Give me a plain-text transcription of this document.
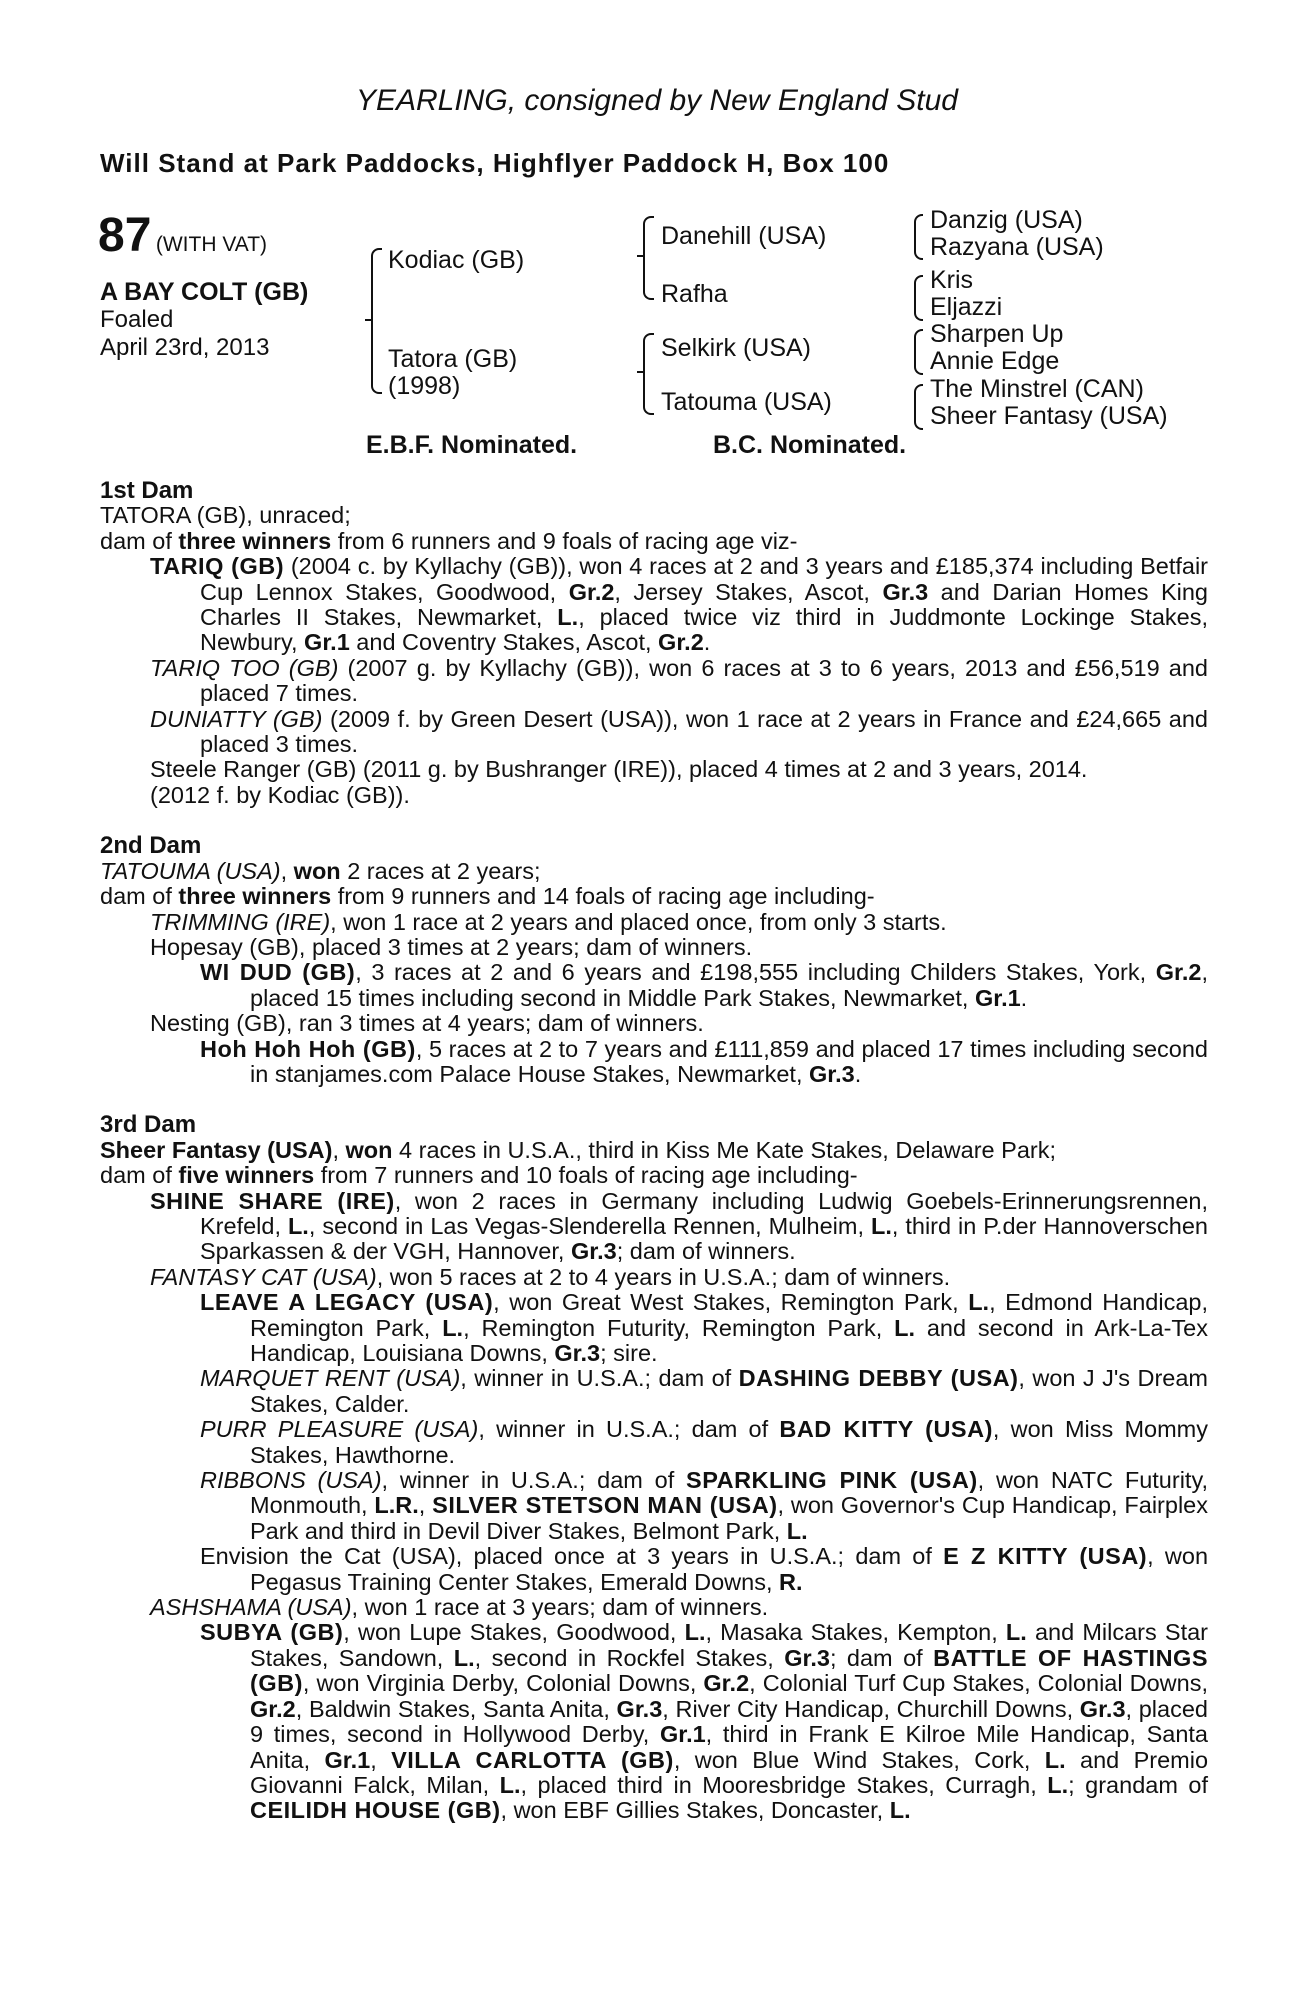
YEARLING, consigned by New England Stud
Will Stand at Park Paddocks, Highflyer Paddock H, Box 100
87 (WITH VAT)
A BAY COLT (GB)
Foaled
April 23rd, 2013
Kodiac (GB)
Tatora (GB)
(1998)
Danehill (USA)
Rafha
Selkirk (USA)
Tatouma (USA)
Danzig (USA)
Razyana (USA)
Kris
Eljazzi
Sharpen Up
Annie Edge
The Minstrel (CAN)
Sheer Fantasy (USA)
E.B.F. Nominated.	B.C. Nominated.

1st Dam

TATORA (GB), unraced;

dam of three winners from 6 runners and 9 foals of racing age viz-

TARIQ (GB) (2004 c. by Kyllachy (GB)), won 4 races at 2 and 3 years and £185,374 including Betfair Cup Lennox Stakes, Goodwood, Gr.2, Jersey Stakes, Ascot, Gr.3 and Darian Homes King Charles II Stakes, Newmarket, L., placed twice viz third in Juddmonte Lockinge Stakes, Newbury, Gr.1 and Coventry Stakes, Ascot, Gr.2.

TARIQ TOO (GB) (2007 g. by Kyllachy (GB)), won 6 races at 3 to 6 years, 2013 and £56,519 and placed 7 times.

DUNIATTY (GB) (2009 f. by Green Desert (USA)), won 1 race at 2 years in France and £24,665 and placed 3 times.

Steele Ranger (GB) (2011 g. by Bushranger (IRE)), placed 4 times at 2 and 3 years, 2014.

(2012 f. by Kodiac (GB)).

2nd Dam

TATOUMA (USA), won 2 races at 2 years;

dam of three winners from 9 runners and 14 foals of racing age including-

TRIMMING (IRE), won 1 race at 2 years and placed once, from only 3 starts.

Hopesay (GB), placed 3 times at 2 years; dam of winners.

WI DUD (GB), 3 races at 2 and 6 years and £198,555 including Childers Stakes, York, Gr.2, placed 15 times including second in Middle Park Stakes, Newmarket, Gr.1.

Nesting (GB), ran 3 times at 4 years; dam of winners.

Hoh Hoh Hoh (GB), 5 races at 2 to 7 years and £111,859 and placed 17 times including second in stanjames.com Palace House Stakes, Newmarket, Gr.3.

3rd Dam

Sheer Fantasy (USA), won 4 races in U.S.A., third in Kiss Me Kate Stakes, Delaware Park;

dam of five winners from 7 runners and 10 foals of racing age including-

SHINE SHARE (IRE), won 2 races in Germany including Ludwig Goebels-Erinnerungsrennen, Krefeld, L., second in Las Vegas-Slenderella Rennen, Mulheim, L., third in P.der Hannoverschen Sparkassen & der VGH, Hannover, Gr.3; dam of winners.

FANTASY CAT (USA), won 5 races at 2 to 4 years in U.S.A.; dam of winners.

LEAVE A LEGACY (USA), won Great West Stakes, Remington Park, L., Edmond Handicap, Remington Park, L., Remington Futurity, Remington Park, L. and second in Ark-La-Tex Handicap, Louisiana Downs, Gr.3; sire.

MARQUET RENT (USA), winner in U.S.A.; dam of DASHING DEBBY (USA), won J J's Dream Stakes, Calder.

PURR PLEASURE (USA), winner in U.S.A.; dam of BAD KITTY (USA), won Miss Mommy Stakes, Hawthorne.

RIBBONS (USA), winner in U.S.A.; dam of SPARKLING PINK (USA), won NATC Futurity, Monmouth, L.R., SILVER STETSON MAN (USA), won Governor's Cup Handicap, Fairplex Park and third in Devil Diver Stakes, Belmont Park, L.

Envision the Cat (USA), placed once at 3 years in U.S.A.; dam of E Z KITTY (USA), won Pegasus Training Center Stakes, Emerald Downs, R.

ASHSHAMA (USA), won 1 race at 3 years; dam of winners.

SUBYA (GB), won Lupe Stakes, Goodwood, L., Masaka Stakes, Kempton, L. and Milcars Star Stakes, Sandown, L., second in Rockfel Stakes, Gr.3; dam of BATTLE OF HASTINGS (GB), won Virginia Derby, Colonial Downs, Gr.2, Colonial Turf Cup Stakes, Colonial Downs, Gr.2, Baldwin Stakes, Santa Anita, Gr.3, River City Handicap, Churchill Downs, Gr.3, placed 9 times, second in Hollywood Derby, Gr.1, third in Frank E Kilroe Mile Handicap, Santa Anita, Gr.1, VILLA CARLOTTA (GB), won Blue Wind Stakes, Cork, L. and Premio Giovanni Falck, Milan, L., placed third in Mooresbridge Stakes, Curragh, L.; grandam of CEILIDH HOUSE (GB), won EBF Gillies Stakes, Doncaster, L.
